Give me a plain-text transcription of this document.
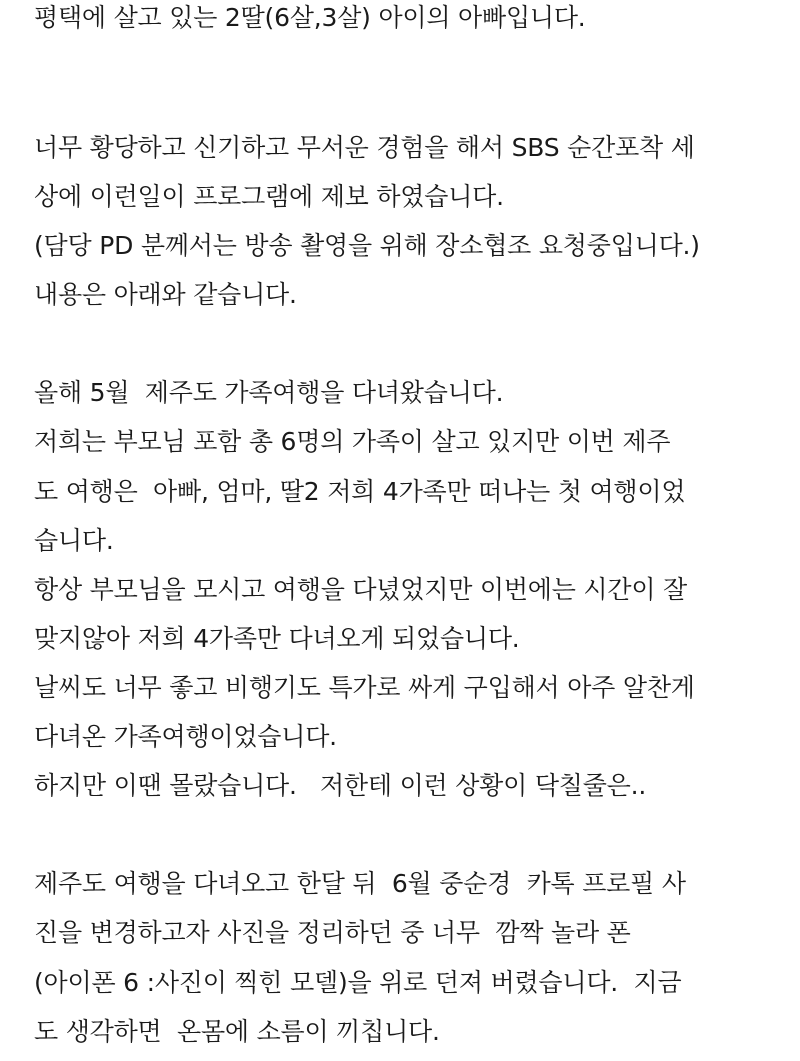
평택에 살고 있는 2딸(6살,3살) 아이의 아빠입니다.
너무 황당하고 신기하고 무서운 경험을 해서 SBS 순간포착 세
상에 이런일이 프로그램에 제보 하였습니다.
(담당 PD 분께서는 방송 촬영을 위해 장소협조 요청중입니다.)
내용은 아래와 같습니다.
올해 5월  제주도 가족여행을 다녀왔습니다.
저희는 부모님 포함 총 6명의 가족이 살고 있지만 이번 제주
도 여행은  아빠, 엄마, 딸2 저희 4가족만 떠나는 첫 여행이었
습니다.
항상 부모님을 모시고 여행을 다녔었지만 이번에는 시간이 잘
맞지않아 저희 4가족만 다녀오게 되었습니다.
날씨도 너무 좋고 비행기도 특가로 싸게 구입해서 아주 알찬게
다녀온 가족여행이었습니다.
하지만 이땐 몰랐습니다.   저한테 이런 상황이 닥칠줄은..
제주도 여행을 다녀오고 한달 뒤  6월 중순경  카톡 프로필 사
진을 변경하고자 사진을 정리하던 중 너무  깜짝 놀라 폰
(아이폰 6 :사진이 찍힌 모델)을 위로 던져 버렸습니다.  지금
도 생각하면  온몸에 소름이 끼칩니다.
